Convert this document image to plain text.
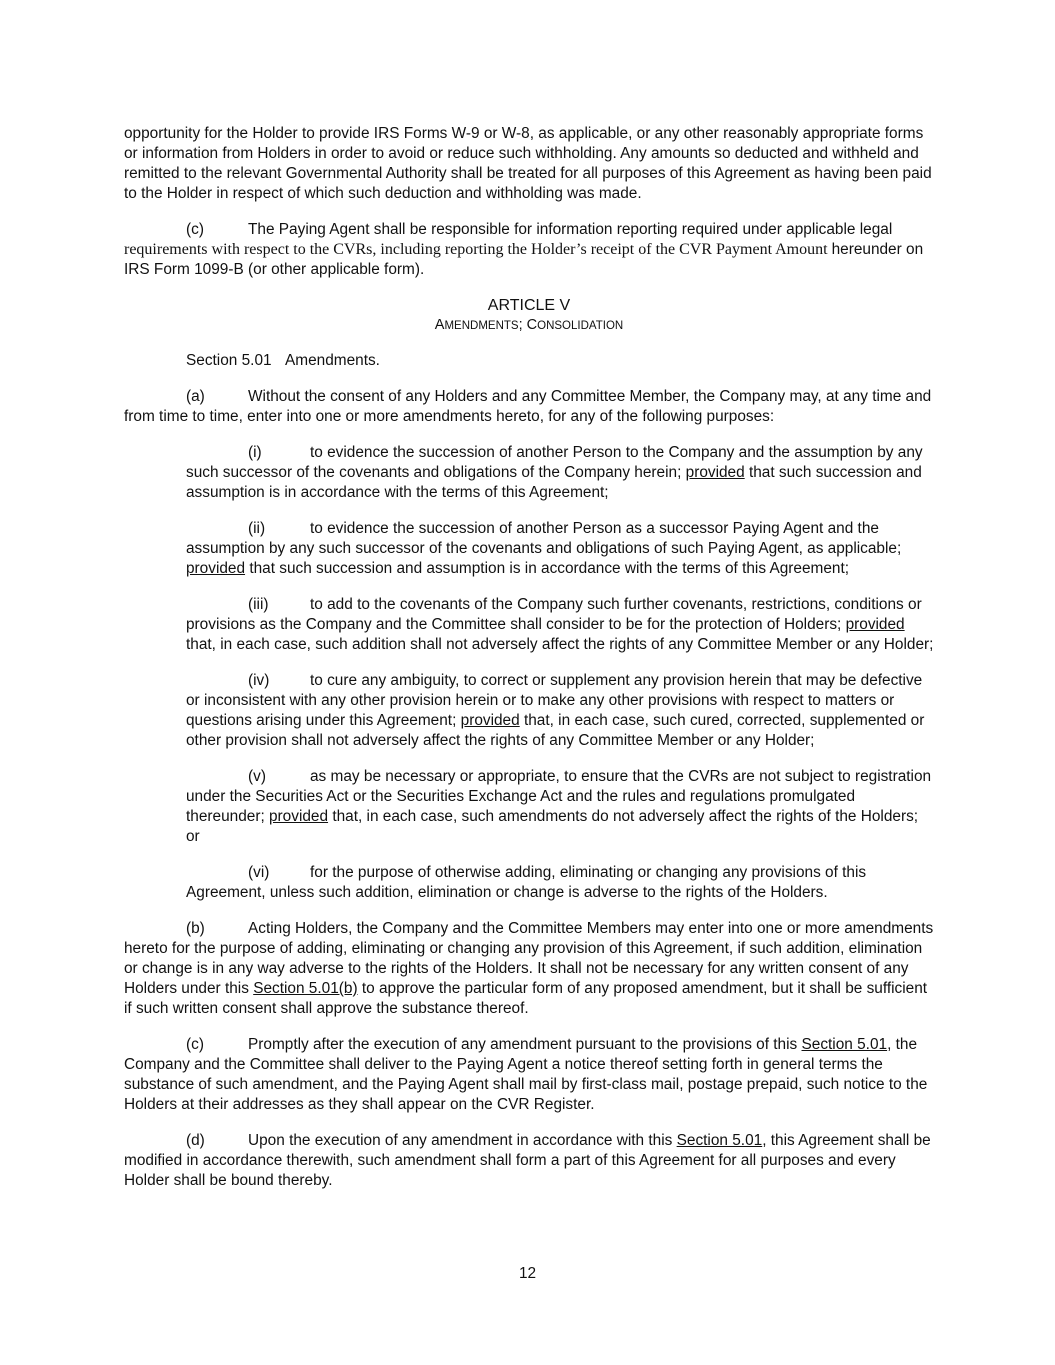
opportunity for the Holder to provide IRS Forms W-9 or W-8, as applicable, or any other reasonably appropriate forms or information from Holders in order to avoid or reduce such withholding. Any amounts so deducted and withheld and remitted to the relevant Governmental Authority shall be treated for all purposes of this Agreement as having been paid to the Holder in respect of which such deduction and withholding was made.

(c)	The Paying Agent shall be responsible for information reporting required under applicable legal requirements with respect to the CVRs, including reporting the Holder’s receipt of the CVR Payment Amount hereunder on IRS Form 1099-B (or other applicable form).

ARTICLE V
AMENDMENTS; CONSOLIDATION

Section 5.01 Amendments.

(a)	Without the consent of any Holders and any Committee Member, the Company may, at any time and from time to time, enter into one or more amendments hereto, for any of the following purposes:

(i)	to evidence the succession of another Person to the Company and the assumption by any such successor of the covenants and obligations of the Company herein; provided that such succession and assumption is in accordance with the terms of this Agreement;

(ii)	to evidence the succession of another Person as a successor Paying Agent and the assumption by any such successor of the covenants and obligations of such Paying Agent, as applicable; provided that such succession and assumption is in accordance with the terms of this Agreement;

(iii)	to add to the covenants of the Company such further covenants, restrictions, conditions or provisions as the Company and the Committee shall consider to be for the protection of Holders; provided that, in each case, such addition shall not adversely affect the rights of any Committee Member or any Holder;

(iv)	to cure any ambiguity, to correct or supplement any provision herein that may be defective or inconsistent with any other provision herein or to make any other provisions with respect to matters or questions arising under this Agreement; provided that, in each case, such cured, corrected, supplemented or other provision shall not adversely affect the rights of any Committee Member or any Holder;

(v)	as may be necessary or appropriate, to ensure that the CVRs are not subject to registration under the Securities Act or the Securities Exchange Act and the rules and regulations promulgated thereunder; provided that, in each case, such amendments do not adversely affect the rights of the Holders; or

(vi)	for the purpose of otherwise adding, eliminating or changing any provisions of this Agreement, unless such addition, elimination or change is adverse to the rights of the Holders.

(b)	Acting Holders, the Company and the Committee Members may enter into one or more amendments hereto for the purpose of adding, eliminating or changing any provision of this Agreement, if such addition, elimination or change is in any way adverse to the rights of the Holders. It shall not be necessary for any written consent of any Holders under this Section 5.01(b) to approve the particular form of any proposed amendment, but it shall be sufficient if such written consent shall approve the substance thereof.

(c)	Promptly after the execution of any amendment pursuant to the provisions of this Section 5.01, the Company and the Committee shall deliver to the Paying Agent a notice thereof setting forth in general terms the substance of such amendment, and the Paying Agent shall mail by first-class mail, postage prepaid, such notice to the Holders at their addresses as they shall appear on the CVR Register.

(d)	Upon the execution of any amendment in accordance with this Section 5.01, this Agreement shall be modified in accordance therewith, such amendment shall form a part of this Agreement for all purposes and every Holder shall be bound thereby.

12
